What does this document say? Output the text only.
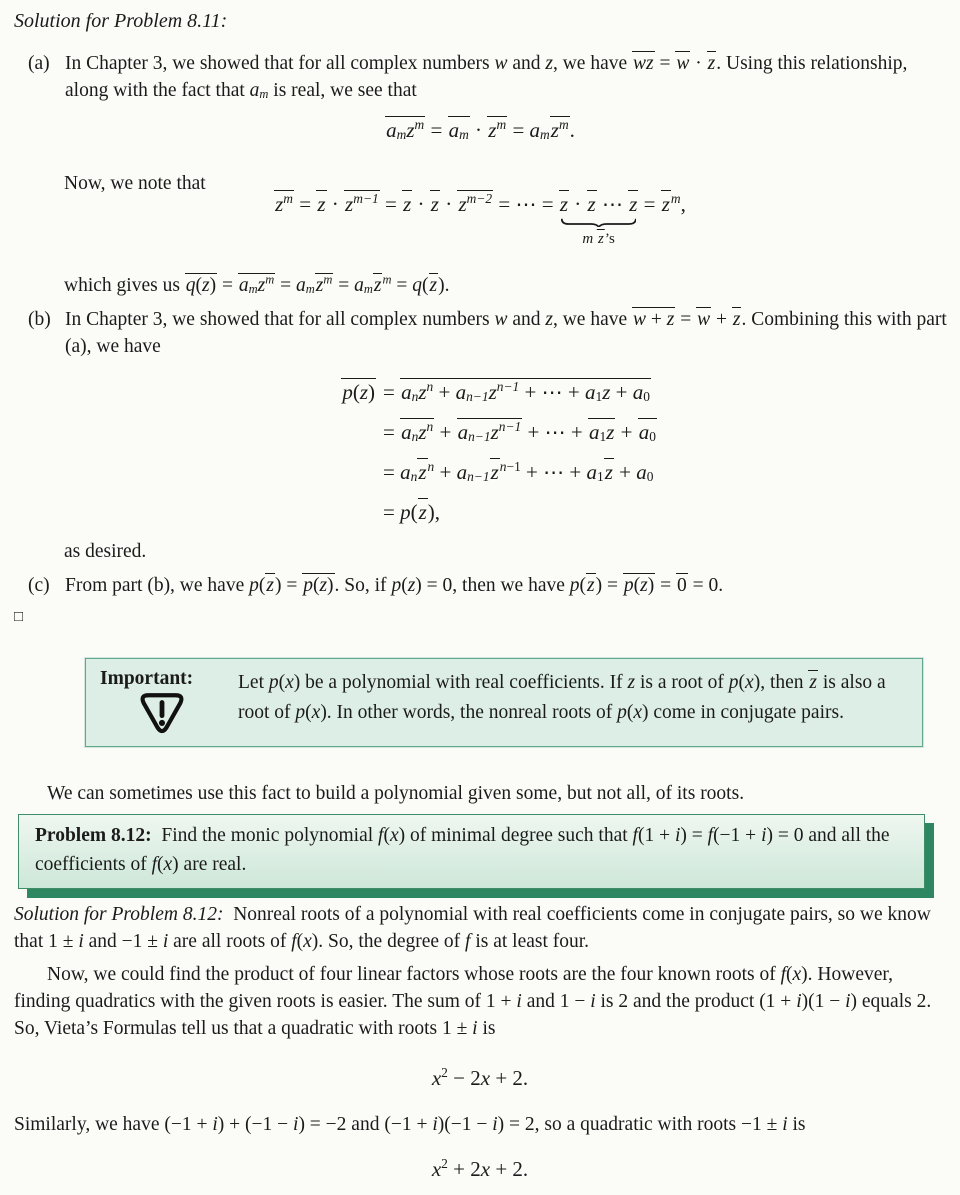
Solution for Problem 8.11:
(a) In Chapter 3, we showed that for all complex numbers w and z, we have wz = w · z. Using this relationship, along with the fact that $a_m$ is real, we see that
$a_mz^m = a_m \cdot z^m = a_mz^m$.
Now, we note that
$z^m = z \cdot z^{m-1} = z \cdot z \cdot z^{m-2}$ = ⋯ = z · z ⋯ z
m z’s
= $z^m$,
which gives us $q(z) = a_mz^m = a_mz^m = a_mz^m = q(z)$.
(b) In Chapter 3, we showed that for all complex numbers w and z, we have w + z = w + z. Combining this with part (a), we have
$p(z) = a_nz^n + a_{n-1}z^{n-1}$ + ⋯ + $a_1z + a_0$
= $a_nz^n + a_{n-1}z^{n-1}$ + ⋯ + $a_1z + a_0$
= $a_nz^n + a_{n-1}z^{n-1}$ + ⋯ + $a_1z + a_0$
= p(z),
as desired.
(c) From part (b), we have p(z) = p(z). So, if p(z) = 0, then we have p(z) = p(z) = 0 = 0.
□
Important:	Let p(x) be a polynomial with real coefficients. If z is a root of p(x), then z is also a root of p(x). In other words, the nonreal roots of p(x) come in conjugate pairs.
We can sometimes use this fact to build a polynomial given some, but not all, of its roots.
Problem 8.12: Find the monic polynomial f(x) of minimal degree such that f(1 + i) = f(−1 + i) = 0 and all the coefficients of f(x) are real.
Solution for Problem 8.12: Nonreal roots of a polynomial with real coefficients come in conjugate pairs, so we know that 1 ± i and −1 ± i are all roots of f(x). So, the degree of f is at least four.
Now, we could find the product of four linear factors whose roots are the four known roots of f(x). However, finding quadratics with the given roots is easier. The sum of 1 + i and 1 − i is 2 and the product (1 + i)(1 − i) equals 2. So, Vieta’s Formulas tell us that a quadratic with roots 1 ± i is
$x^2 - 2x + 2$.
Similarly, we have (−1 + i) + (−1 − i) = −2 and (−1 + i)(−1 − i) = 2, so a quadratic with roots −1 ± i is
$x^2 + 2x + 2$.
